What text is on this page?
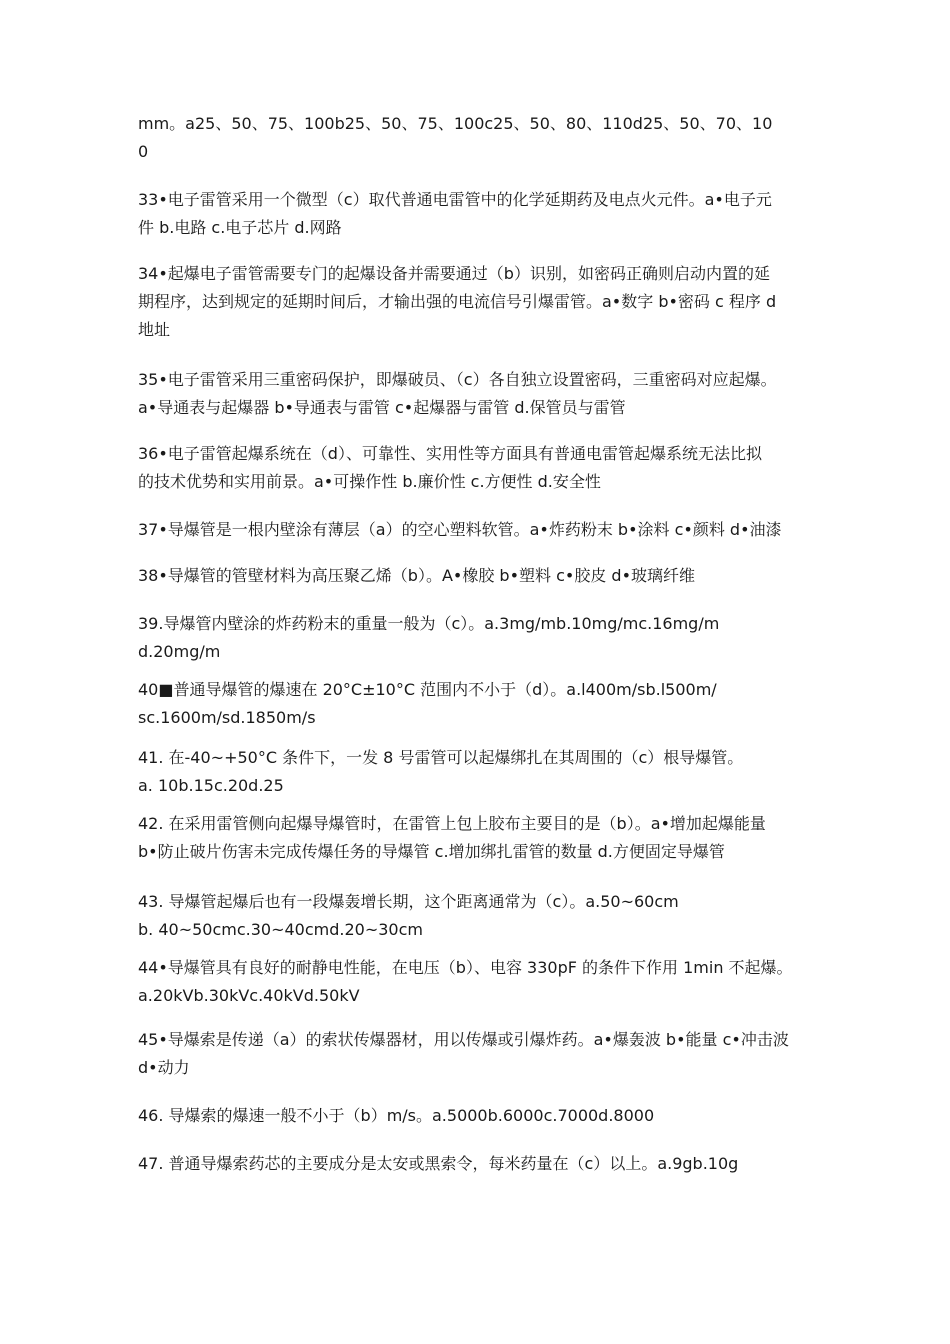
mm。a25、50、75、100b25、50、75、100c25、50、80、110d25、50、70、10
0
33•电子雷管采用一个微型（c）取代普通电雷管中的化学延期药及电点火元件。a•电子元
件 b.电路 c.电子芯片 d.网路
34•起爆电子雷管需要专门的起爆设备并需要通过（b）识别，如密码正确则启动内置的延
期程序，达到规定的延期时间后，才输出强的电流信号引爆雷管。a•数字 b•密码 c 程序 d
地址
35•电子雷管采用三重密码保护，即爆破员、（c）各自独立设置密码，三重密码对应起爆。
a•导通表与起爆器 b•导通表与雷管 c•起爆器与雷管 d.保管员与雷管
36•电子雷管起爆系统在（d）、可靠性、实用性等方面具有普通电雷管起爆系统无法比拟
的技术优势和实用前景。a•可操作性 b.廉价性 c.方便性 d.安全性
37•导爆管是一根内壁涂有薄层（a）的空心塑料软管。a•炸药粉末 b•涂料 c•颜料 d•油漆
38•导爆管的管壁材料为高压聚乙烯（b）。A•橡胶 b•塑料 c•胶皮 d•玻璃纤维
39.导爆管内壁涂的炸药粉末的重量一般为（c）。a.3mg/mb.10mg/mc.16mg/m
d.20mg/m
40■普通导爆管的爆速在 20°C±10°C 范围内不小于（d）。a.l400m/sb.l500m/
sc.1600m/sd.1850m/s
41. 在-40~+50°C 条件下，一发 8 号雷管可以起爆绑扎在其周围的（c）根导爆管。
a. 10b.15c.20d.25
42. 在采用雷管侧向起爆导爆管时，在雷管上包上胶布主要目的是（b）。a•增加起爆能量
b•防止破片伤害未完成传爆任务的导爆管 c.增加绑扎雷管的数量 d.方便固定导爆管
43. 导爆管起爆后也有一段爆轰增长期，这个距离通常为（c）。a.50~60cm
b. 40~50cmc.30~40cmd.20~30cm
44•导爆管具有良好的耐静电性能，在电压（b）、电容 330pF 的条件下作用 1min 不起爆。
a.20kVb.30kVc.40kVd.50kV
45•导爆索是传递（a）的索状传爆器材，用以传爆或引爆炸药。a•爆轰波 b•能量 c•冲击波
d•动力
46. 导爆索的爆速一般不小于（b）m/s。a.5000b.6000c.7000d.8000
47. 普通导爆索药芯的主要成分是太安或黑索令，每米药量在（c）以上。a.9gb.10g
